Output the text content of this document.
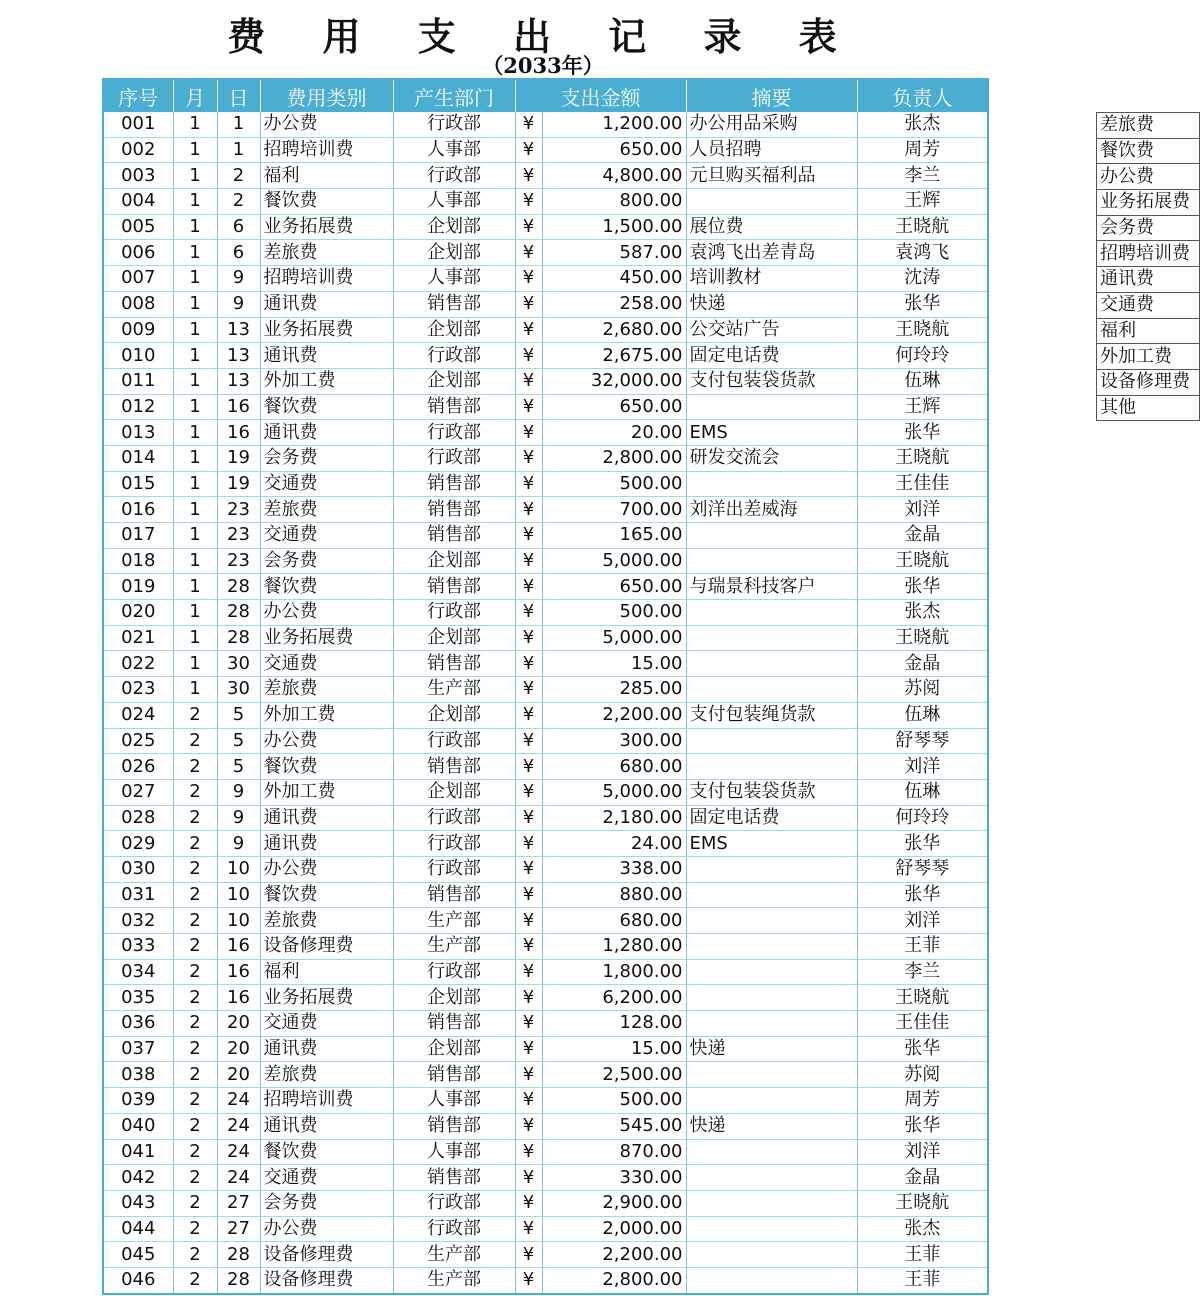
费 用 支 出 记 录 表
（2033年）
序号	月	日	费用类别	产生部门	支出金额		摘要	负责人
001	1	1	办公费	行政部	¥	1,200.00	办公用品采购	张杰
002	1	1	招聘培训费	人事部	¥	650.00	人员招聘	周芳
003	1	2	福利	行政部	¥	4,800.00	元旦购买福利品	李兰
004	1	2	餐饮费	人事部	¥	800.00		王辉
005	1	6	业务拓展费	企划部	¥	1,500.00	展位费	王晓航
006	1	6	差旅费	企划部	¥	587.00	袁鸿飞出差青岛	袁鸿飞
007	1	9	招聘培训费	人事部	¥	450.00	培训教材	沈涛
008	1	9	通讯费	销售部	¥	258.00	快递	张华
009	1	13	业务拓展费	企划部	¥	2,680.00	公交站广告	王晓航
010	1	13	通讯费	行政部	¥	2,675.00	固定电话费	何玲玲
011	1	13	外加工费	企划部	¥	32,000.00	支付包装袋货款	伍琳
012	1	16	餐饮费	销售部	¥	650.00		王辉
013	1	16	通讯费	行政部	¥	20.00	EMS	张华
014	1	19	会务费	行政部	¥	2,800.00	研发交流会	王晓航
015	1	19	交通费	销售部	¥	500.00		王佳佳
016	1	23	差旅费	销售部	¥	700.00	刘洋出差威海	刘洋
017	1	23	交通费	销售部	¥	165.00		金晶
018	1	23	会务费	企划部	¥	5,000.00		王晓航
019	1	28	餐饮费	销售部	¥	650.00	与瑞景科技客户	张华
020	1	28	办公费	行政部	¥	500.00		张杰
021	1	28	业务拓展费	企划部	¥	5,000.00		王晓航
022	1	30	交通费	销售部	¥	15.00		金晶
023	1	30	差旅费	生产部	¥	285.00		苏阅
024	2	5	外加工费	企划部	¥	2,200.00	支付包装绳货款	伍琳
025	2	5	办公费	行政部	¥	300.00		舒琴琴
026	2	5	餐饮费	销售部	¥	680.00		刘洋
027	2	9	外加工费	企划部	¥	5,000.00	支付包装袋货款	伍琳
028	2	9	通讯费	行政部	¥	2,180.00	固定电话费	何玲玲
029	2	9	通讯费	行政部	¥	24.00	EMS	张华
030	2	10	办公费	行政部	¥	338.00		舒琴琴
031	2	10	餐饮费	销售部	¥	880.00		张华
032	2	10	差旅费	生产部	¥	680.00		刘洋
033	2	16	设备修理费	生产部	¥	1,280.00		王菲
034	2	16	福利	行政部	¥	1,800.00		李兰
035	2	16	业务拓展费	企划部	¥	6,200.00		王晓航
036	2	20	交通费	销售部	¥	128.00		王佳佳
037	2	20	通讯费	企划部	¥	15.00	快递	张华
038	2	20	差旅费	销售部	¥	2,500.00		苏阅
039	2	24	招聘培训费	人事部	¥	500.00		周芳
040	2	24	通讯费	销售部	¥	545.00	快递	张华
041	2	24	餐饮费	人事部	¥	870.00		刘洋
042	2	24	交通费	销售部	¥	330.00		金晶
043	2	27	会务费	行政部	¥	2,900.00		王晓航
044	2	27	办公费	行政部	¥	2,000.00		张杰
045	2	28	设备修理费	生产部	¥	2,200.00		王菲
046	2	28	设备修理费	生产部	¥	2,800.00		王菲
差旅费
餐饮费
办公费
业务拓展费
会务费
招聘培训费
通讯费
交通费
福利
外加工费
设备修理费
其他
